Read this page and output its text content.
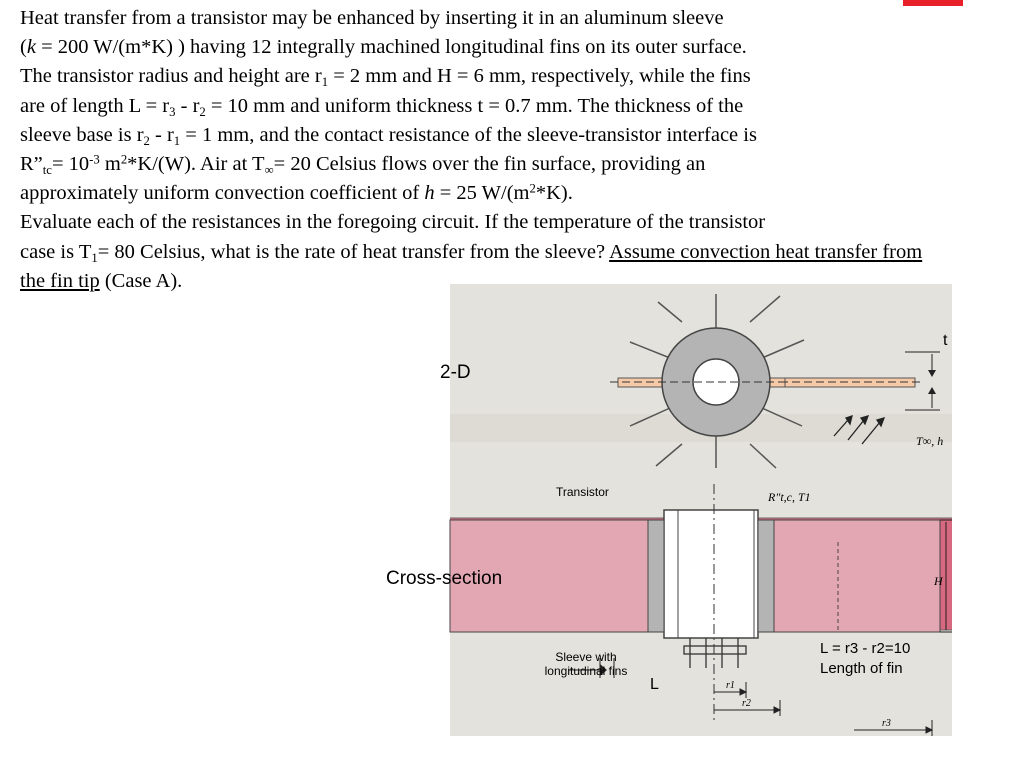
Heat transfer from a transistor may be enhanced by inserting it in an aluminum sleeve
(k = 200 W/(m*K) ) having 12 integrally machined longitudinal fins on its outer surface.
The transistor radius and height are $r_1 = 2$ mm and H = 6 mm, respectively, while the fins
are of length $L = r_3 - r_2 = 10$ mm and uniform thickness t = 0.7 mm. The thickness of the
sleeve base is $r_2 - r_1 = 1$ mm, and the contact resistance of the sleeve-transistor interface is
$R”_{tc}= 10^{-3}$ $m^2*K/(W)$. Air at $T_\infty= 20$ Celsius flows over the fin surface, providing an
approximately uniform convection coefficient of h = 25 $W/(m^2*K)$.
Evaluate each of the resistances in the foregoing circuit. If the temperature of the transistor
case is $T_1= 80$ Celsius, what is the rate of heat transfer from the sleeve? Assume convection heat transfer from the fin tip (Case A).
2-D
Cross-section
Transistor
Sleeve with longitudinal fins
L
t
H
T∞, h
R″t,c, T1
L = r3 - r2=10
Length of fin
r1
r2
r3
